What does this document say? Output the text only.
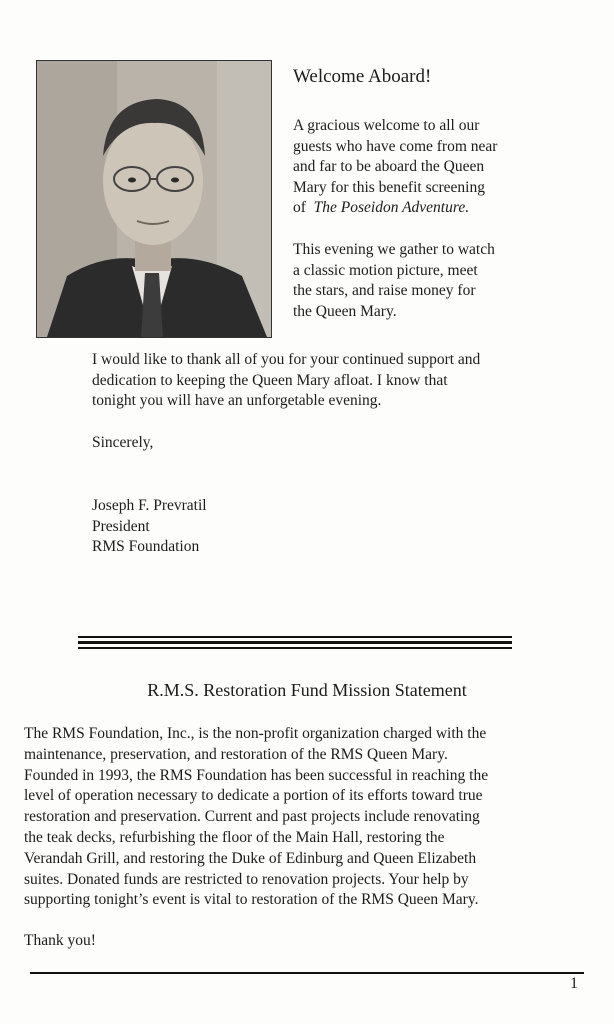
Welcome Aboard!
A gracious welcome to all our
guests who have come from near
and far to be aboard the Queen
Mary for this benefit screening
of The Poseidon Adventure.
This evening we gather to watch
a classic motion picture, meet
the stars, and raise money for
the Queen Mary.
I would like to thank all of you for your continued support and
dedication to keeping the Queen Mary afloat. I know that
tonight you will have an unforgetable evening.
Sincerely,
Joseph F. Prevratil
President
RMS Foundation
R.M.S. Restoration Fund Mission Statement
The RMS Foundation, Inc., is the non-profit organization charged with the
maintenance, preservation, and restoration of the RMS Queen Mary.
Founded in 1993, the RMS Foundation has been successful in reaching the
level of operation necessary to dedicate a portion of its efforts toward true
restoration and preservation. Current and past projects include renovating
the teak decks, refurbishing the floor of the Main Hall, restoring the
Verandah Grill, and restoring the Duke of Edinburg and Queen Elizabeth
suites. Donated funds are restricted to renovation projects. Your help by
supporting tonight’s event is vital to restoration of the RMS Queen Mary.
Thank you!
1
